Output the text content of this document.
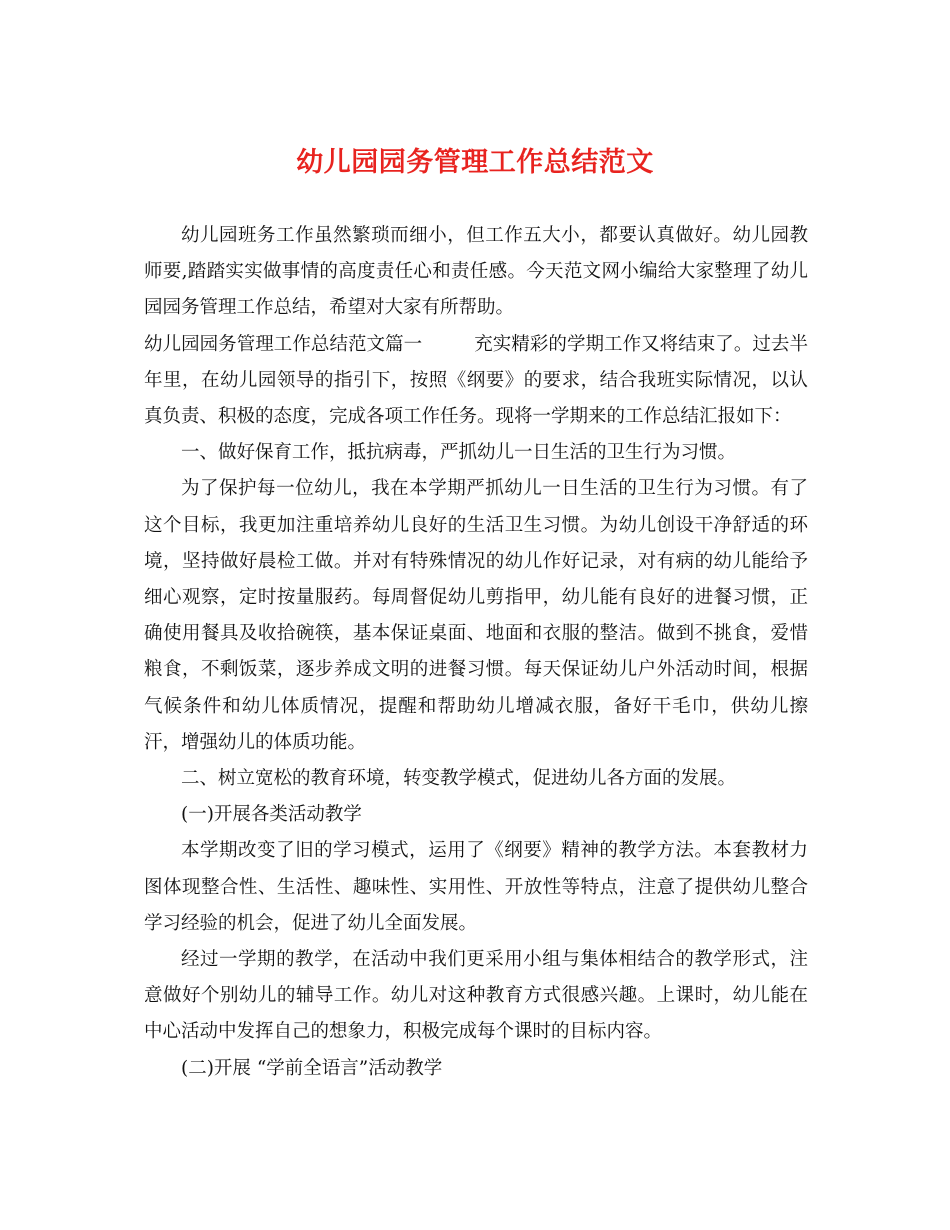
幼儿园园务管理工作总结范文

幼儿园班务工作虽然繁琐而细小，但工作五大小，都要认真做好。幼儿园教师要,踏踏实实做事情的高度责任心和责任感。今天范文网小编给大家整理了幼儿园园务管理工作总结，希望对大家有所帮助。

幼儿园园务管理工作总结范文篇一	充实精彩的学期工作又将结束了。过去半年里，在幼儿园领导的指引下，按照《纲要》的要求，结合我班实际情况，以认真负责、积极的态度，完成各项工作任务。现将一学期来的工作总结汇报如下：

一、做好保育工作，抵抗病毒，严抓幼儿一日生活的卫生行为习惯。

为了保护每一位幼儿，我在本学期严抓幼儿一日生活的卫生行为习惯。有了这个目标，我更加注重培养幼儿良好的生活卫生习惯。为幼儿创设干净舒适的环境，坚持做好晨检工做。并对有特殊情况的幼儿作好记录，对有病的幼儿能给予细心观察，定时按量服药。每周督促幼儿剪指甲，幼儿能有良好的进餐习惯，正确使用餐具及收拾碗筷，基本保证桌面、地面和衣服的整洁。做到不挑食，爱惜粮食，不剩饭菜，逐步养成文明的进餐习惯。每天保证幼儿户外活动时间，根据气候条件和幼儿体质情况，提醒和帮助幼儿增减衣服，备好干毛巾，供幼儿擦汗，增强幼儿的体质功能。

二、树立宽松的教育环境，转变教学模式，促进幼儿各方面的发展。

(一)开展各类活动教学

本学期改变了旧的学习模式，运用了《纲要》精神的教学方法。本套教材力图体现整合性、生活性、趣味性、实用性、开放性等特点，注意了提供幼儿整合学习经验的机会，促进了幼儿全面发展。

经过一学期的教学，在活动中我们更采用小组与集体相结合的教学形式，注意做好个别幼儿的辅导工作。幼儿对这种教育方式很感兴趣。上课时，幼儿能在中心活动中发挥自己的想象力，积极完成每个课时的目标内容。

(二)开展 “学前全语言”活动教学
